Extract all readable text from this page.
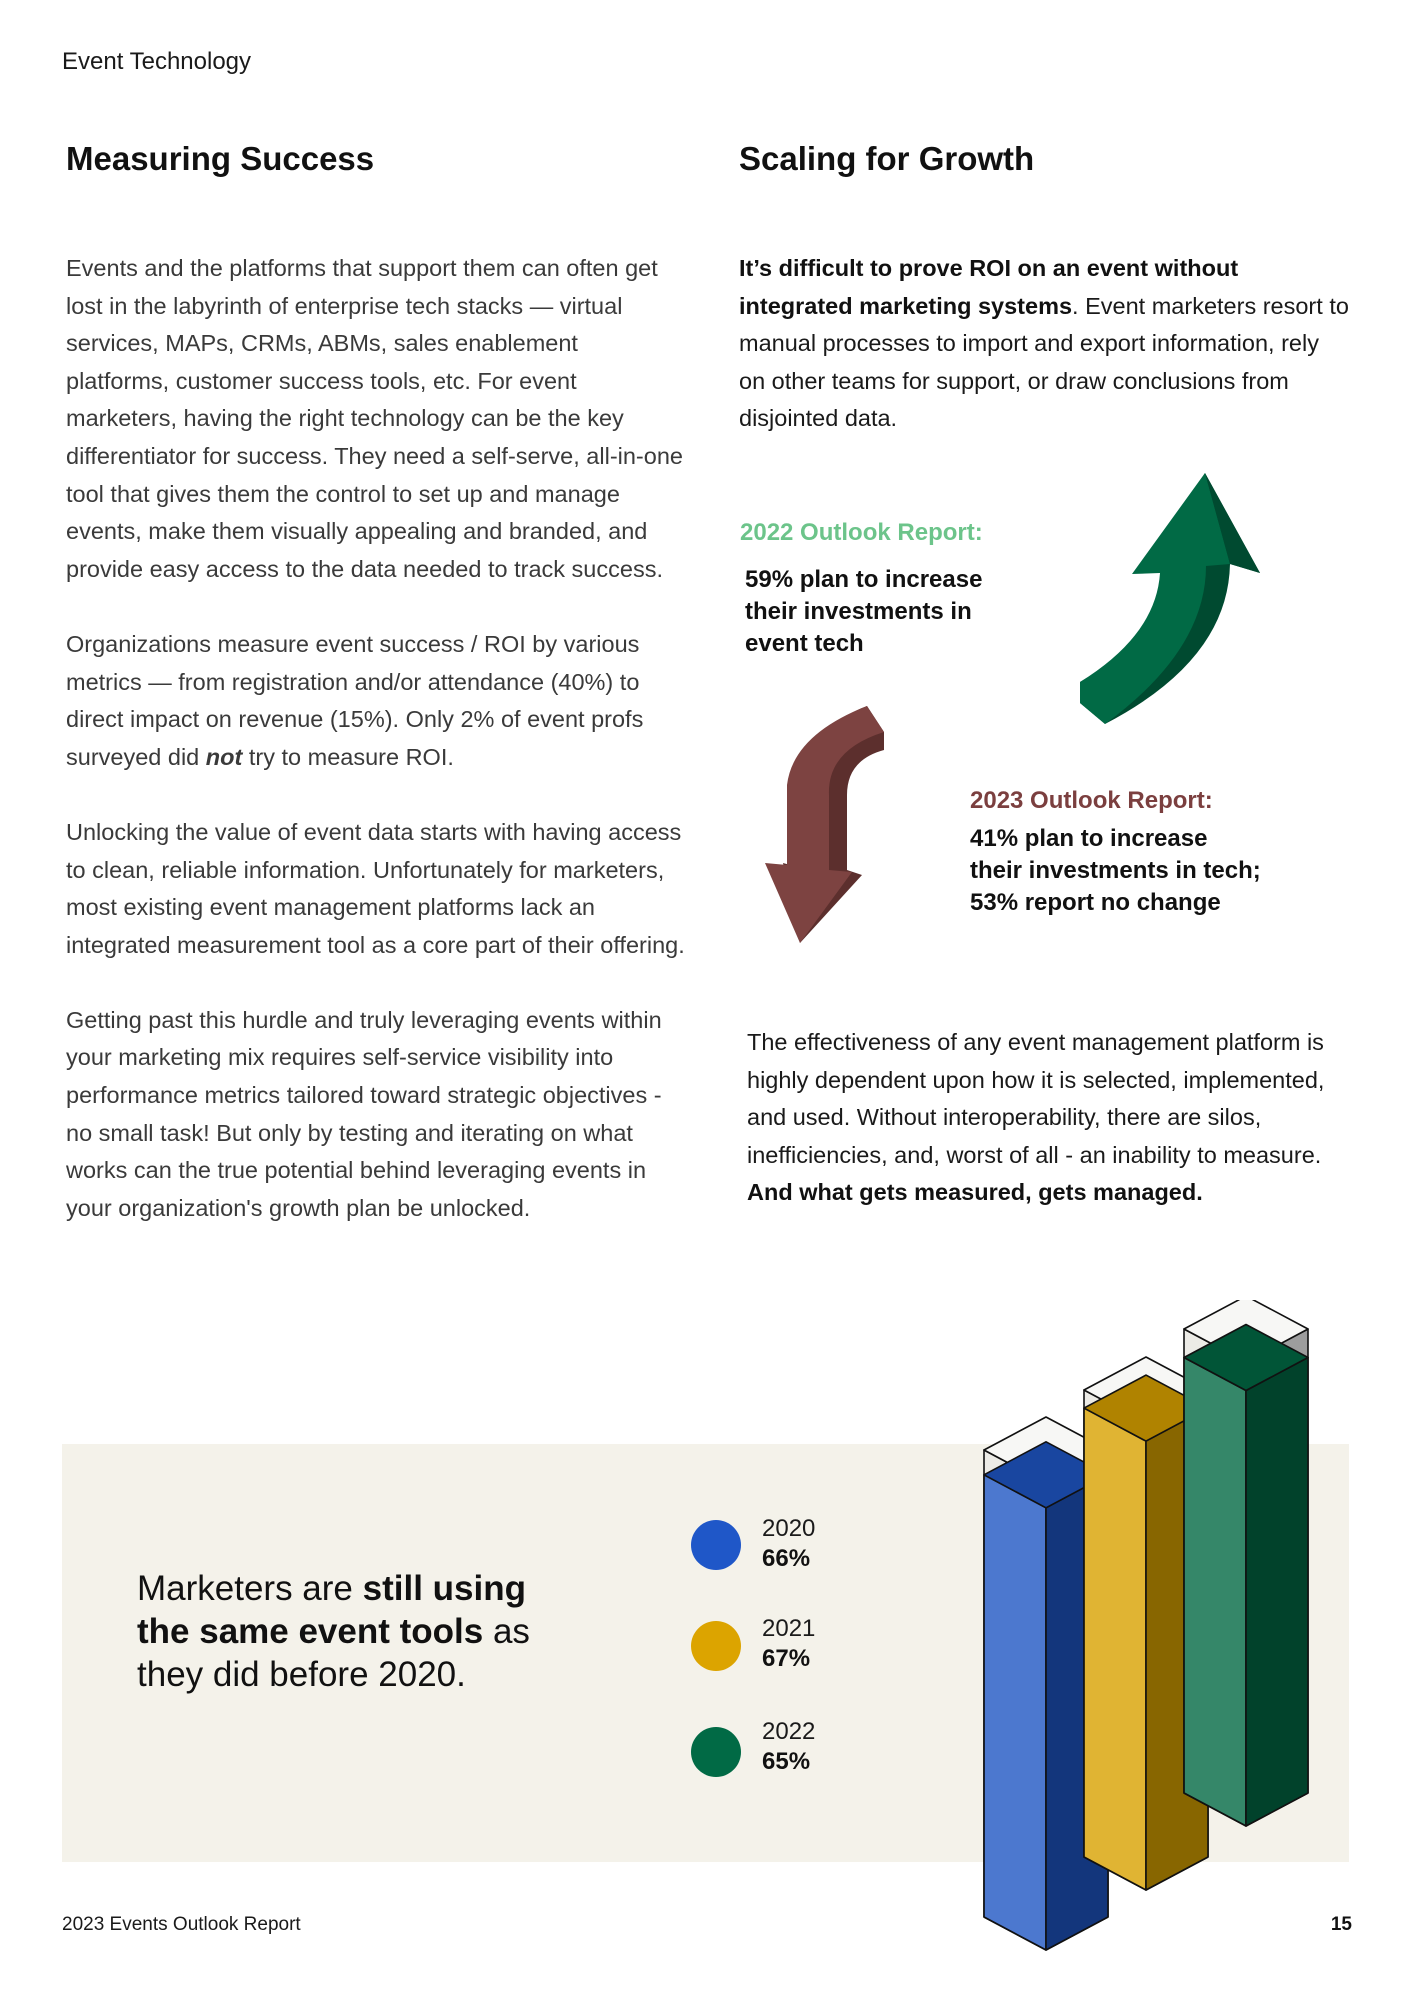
Event Technology
Measuring Success

Events and the platforms that support them can often get lost in the labyrinth of enterprise tech stacks — virtual services, MAPs, CRMs, ABMs, sales enablement platforms, customer success tools, etc. For event marketers, having the right technology can be the key differentiator for success. They need a self-serve, all-in-one tool that gives them the control to set up and manage events, make them visually appealing and branded, and provide easy access to the data needed to track success.

Organizations measure event success / ROI by various metrics — from registration and/or attendance (40%) to direct impact on revenue (15%). Only 2% of event profs surveyed did not try to measure ROI.

Unlocking the value of event data starts with having access to clean, reliable information. Unfortunately for marketers, most existing event management platforms lack an integrated measurement tool as a core part of their offering.

Getting past this hurdle and truly leveraging events within your marketing mix requires self-service visibility into performance metrics tailored toward strategic objectives - no small task! But only by testing and iterating on what works can the true potential behind leveraging events in your organization's growth plan be unlocked.

Scaling for Growth
It’s difficult to prove ROI on an event without integrated marketing systems. Event marketers resort to manual processes to import and export information, rely on other teams for support, or draw conclusions from disjointed data.
2022 Outlook Report:
59% plan to increase
their investments in
event tech
2023 Outlook Report:
41% plan to increase
their investments in tech;
53% report no change
The effectiveness of any event management platform is highly dependent upon how it is selected, implemented, and used. Without interoperability, there are silos, inefficiencies, and, worst of all - an inability to measure. And what gets measured, gets managed.
Marketers are still using the same event tools as they did before 2020.
2020
66%
2021
67%
2022
65%
2023 Events Outlook Report	15
